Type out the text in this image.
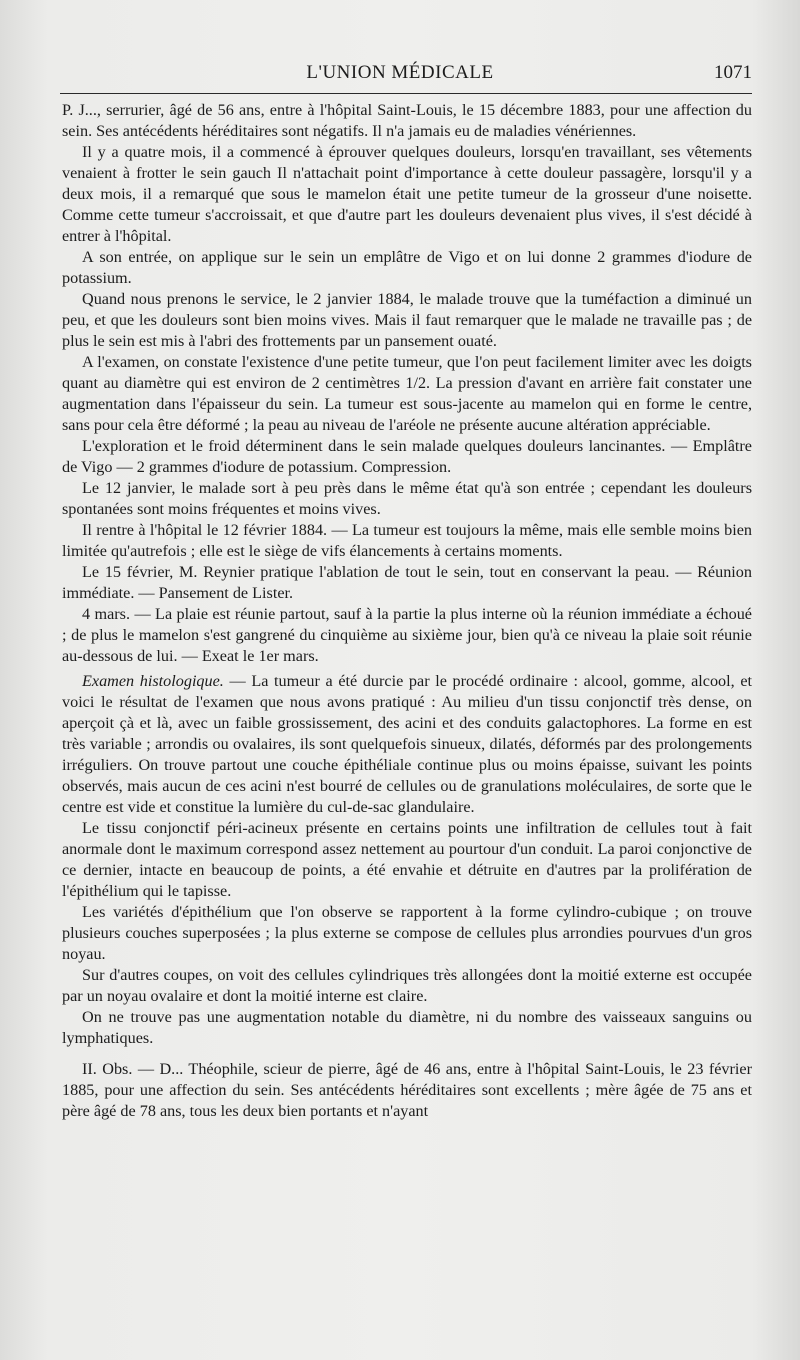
L'UNION MÉDICALE	1071

P. J..., serrurier, âgé de 56 ans, entre à l'hôpital Saint-Louis, le 15 décembre 1883, pour une affection du sein. Ses antécédents héréditaires sont négatifs. Il n'a jamais eu de maladies vénériennes.

Il y a quatre mois, il a commencé à éprouver quelques douleurs, lorsqu'en travaillant, ses vêtements venaient à frotter le sein gauch Il n'attachait point d'importance à cette douleur passagère, lorsqu'il y a deux mois, il a remarqué que sous le mamelon était une petite tumeur de la grosseur d'une noisette. Comme cette tumeur s'accroissait, et que d'autre part les douleurs devenaient plus vives, il s'est décidé à entrer à l'hôpital.

A son entrée, on applique sur le sein un emplâtre de Vigo et on lui donne 2 grammes d'iodure de potassium.

Quand nous prenons le service, le 2 janvier 1884, le malade trouve que la tuméfaction a diminué un peu, et que les douleurs sont bien moins vives. Mais il faut remarquer que le malade ne travaille pas ; de plus le sein est mis à l'abri des frottements par un pansement ouaté.

A l'examen, on constate l'existence d'une petite tumeur, que l'on peut facilement limiter avec les doigts quant au diamètre qui est environ de 2 centimètres 1/2. La pression d'avant en arrière fait constater une augmentation dans l'épaisseur du sein. La tumeur est sous-jacente au mamelon qui en forme le centre, sans pour cela être déformé ; la peau au niveau de l'aréole ne présente aucune altération appréciable.

L'exploration et le froid déterminent dans le sein malade quelques douleurs lancinantes. — Emplâtre de Vigo — 2 grammes d'iodure de potassium. Compression.

Le 12 janvier, le malade sort à peu près dans le même état qu'à son entrée ; cependant les douleurs spontanées sont moins fréquentes et moins vives.

Il rentre à l'hôpital le 12 février 1884. — La tumeur est toujours la même, mais elle semble moins bien limitée qu'autrefois ; elle est le siège de vifs élancements à certains moments.

Le 15 février, M. Reynier pratique l'ablation de tout le sein, tout en conservant la peau. — Réunion immédiate. — Pansement de Lister.

4 mars. — La plaie est réunie partout, sauf à la partie la plus interne où la réunion immédiate a échoué ; de plus le mamelon s'est gangrené du cinquième au sixième jour, bien qu'à ce niveau la plaie soit réunie au-dessous de lui. — Exeat le 1er mars.

Examen histologique. — La tumeur a été durcie par le procédé ordinaire : alcool, gomme, alcool, et voici le résultat de l'examen que nous avons pratiqué : Au milieu d'un tissu conjonctif très dense, on aperçoit çà et là, avec un faible grossissement, des acini et des conduits galactophores. La forme en est très variable ; arrondis ou ovalaires, ils sont quelquefois sinueux, dilatés, déformés par des prolongements irréguliers. On trouve partout une couche épithéliale continue plus ou moins épaisse, suivant les points observés, mais aucun de ces acini n'est bourré de cellules ou de granulations moléculaires, de sorte que le centre est vide et constitue la lumière du cul-de-sac glandulaire.

Le tissu conjonctif péri-acineux présente en certains points une infiltration de cellules tout à fait anormale dont le maximum correspond assez nettement au pourtour d'un conduit. La paroi conjonctive de ce dernier, intacte en beaucoup de points, a été envahie et détruite en d'autres par la prolifération de l'épithélium qui le tapisse.

Les variétés d'épithélium que l'on observe se rapportent à la forme cylindro-cubique ; on trouve plusieurs couches superposées ; la plus externe se compose de cellules plus arrondies pourvues d'un gros noyau.

Sur d'autres coupes, on voit des cellules cylindriques très allongées dont la moitié externe est occupée par un noyau ovalaire et dont la moitié interne est claire.

On ne trouve pas une augmentation notable du diamètre, ni du nombre des vaisseaux sanguins ou lymphatiques.

II. Obs. — D... Théophile, scieur de pierre, âgé de 46 ans, entre à l'hôpital Saint-Louis, le 23 février 1885, pour une affection du sein. Ses antécédents héréditaires sont excellents ; mère âgée de 75 ans et père âgé de 78 ans, tous les deux bien portants et n'ayant
